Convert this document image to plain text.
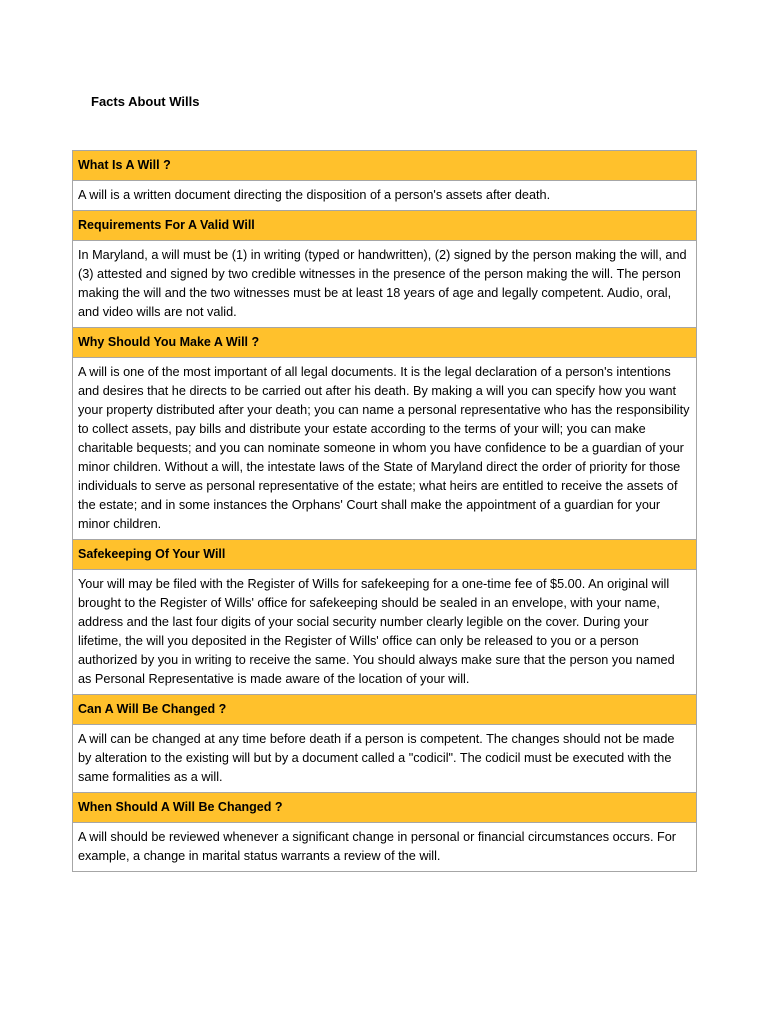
Facts About Wills
What Is A Will ?
A will is a written document directing the disposition of a person's assets after death.
Requirements For A Valid Will
In Maryland, a will must be (1) in writing (typed or handwritten), (2) signed by the person making the will, and (3) attested and signed by two credible witnesses in the presence of the person making the will. The person making the will and the two witnesses must be at least 18 years of age and legally competent. Audio, oral, and video wills are not valid.
Why Should You Make A Will ?
A will is one of the most important of all legal documents. It is the legal declaration of a person's intentions and desires that he directs to be carried out after his death. By making a will you can specify how you want your property distributed after your death; you can name a personal representative who has the responsibility to collect assets, pay bills and distribute your estate according to the terms of your will; you can make charitable bequests; and you can nominate someone in whom you have confidence to be a guardian of your minor children. Without a will, the intestate laws of the State of Maryland direct the order of priority for those individuals to serve as personal representative of the estate; what heirs are entitled to receive the assets of the estate; and in some instances the Orphans' Court shall make the appointment of a guardian for your minor children.
Safekeeping Of Your Will
Your will may be filed with the Register of Wills for safekeeping for a one-time fee of $5.00. An original will brought to the Register of Wills' office for safekeeping should be sealed in an envelope, with your name, address and the last four digits of your social security number clearly legible on the cover. During your lifetime, the will you deposited in the Register of Wills' office can only be released to you or a person authorized by you in writing to receive the same. You should always make sure that the person you named as Personal Representative is made aware of the location of your will.
Can A Will Be Changed ?
A will can be changed at any time before death if a person is competent. The changes should not be made by alteration to the existing will but by a document called a "codicil". The codicil must be executed with the same formalities as a will.
When Should A Will Be Changed ?
A will should be reviewed whenever a significant change in personal or financial circumstances occurs. For example, a change in marital status warrants a review of the will.
